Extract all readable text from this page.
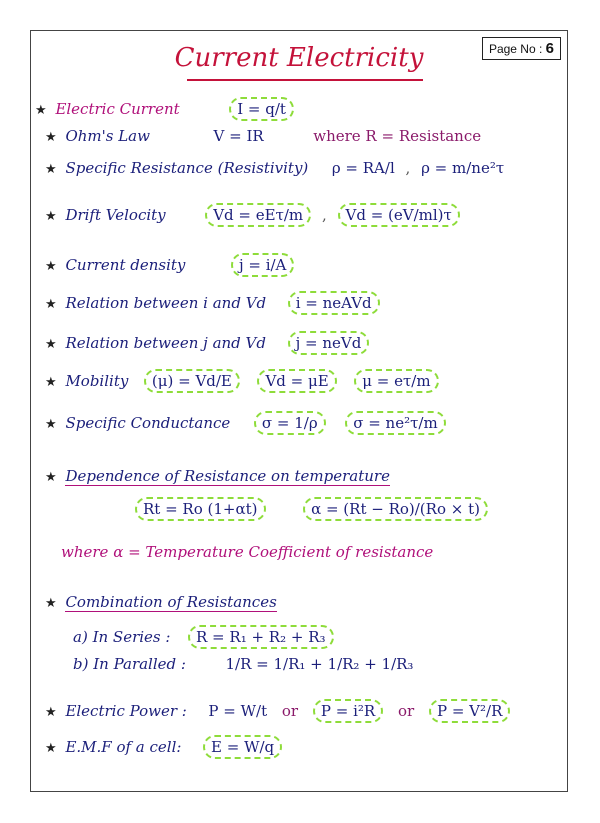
Page No : 6
Current Electricity
★ Electric Current	I = q/t
★ Ohm's Law	V = IR	where R = Resistance
★ Specific Resistance (Resistivity) ρ = RA/l , ρ = m/ne²τ
★ Drift Velocity	Vd = eEτ/m , Vd = (eV/ml)τ
★ Current density	j = i/A
★ Relation between i and Vd i = neAVd
★ Relation between j and Vd j = neVd
★ Mobility (μ) = Vd/E Vd = μE μ = eτ/m
★ Specific Conductance σ = 1/ρ σ = ne²τ/m
★ Dependence of Resistance on temperature
Rt = Ro (1+αt)	α = (Rt − Ro)/(Ro × t)
where α = Temperature Coefficient of resistance
★ Combination of Resistances
a) In Series : R = R₁ + R₂ + R₃
b) In Paralled :	1/R = 1/R₁ + 1/R₂ + 1/R₃
★ Electric Power : P = W/t or P = i²R or P = V²/R
★ E.M.F of a cell: E = W/q
